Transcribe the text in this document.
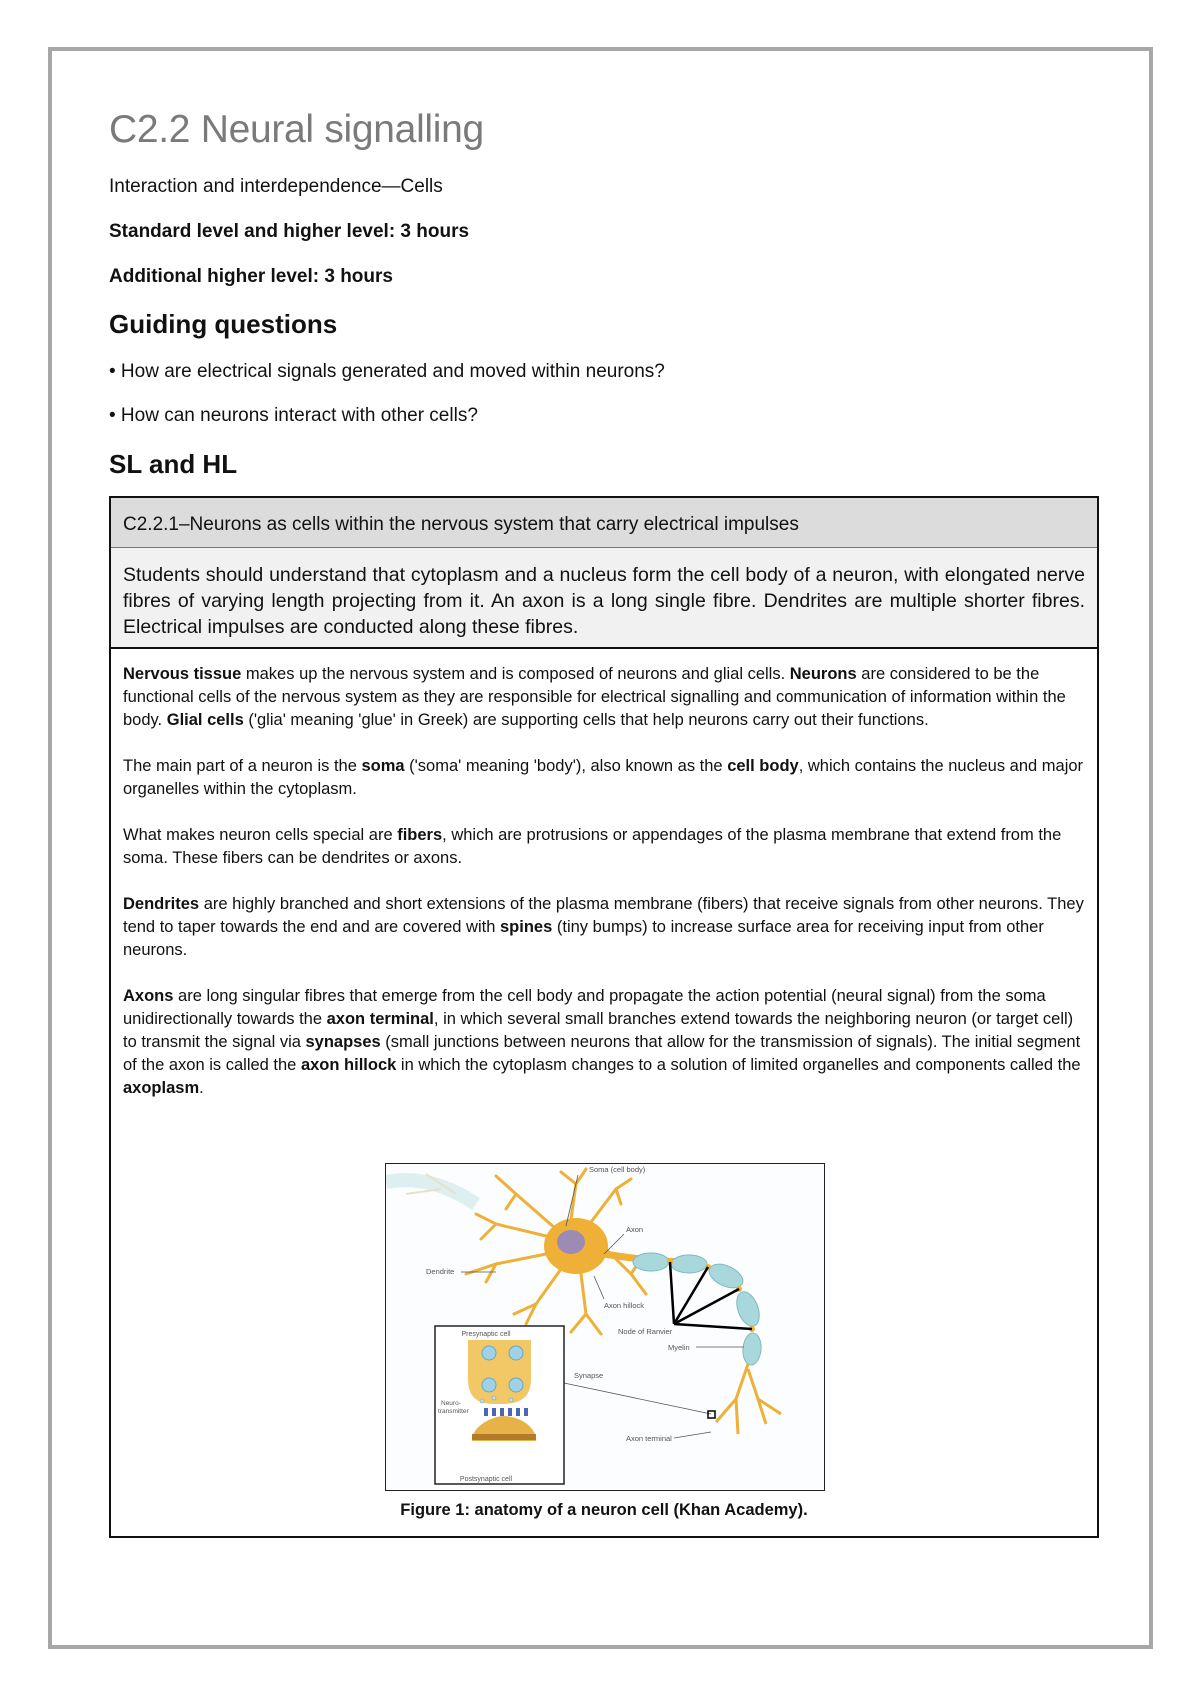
C2.2 Neural signalling
Interaction and interdependence—Cells
Standard level and higher level: 3 hours
Additional higher level: 3 hours
Guiding questions
• How are electrical signals generated and moved within neurons?
• How can neurons interact with other cells?
SL and HL
C2.2.1–Neurons as cells within the nervous system that carry electrical impulses
Students should understand that cytoplasm and a nucleus form the cell body of a neuron, with elongated nerve fibres of varying length projecting from it. An axon is a long single fibre. Dendrites are multiple shorter fibres. Electrical impulses are conducted along these fibres.

Nervous tissue makes up the nervous system and is composed of neurons and glial cells. Neurons are considered to be the functional cells of the nervous system as they are responsible for electrical signalling and communication of information within the body. Glial cells ('glia' meaning 'glue' in Greek) are supporting cells that help neurons carry out their functions.

The main part of a neuron is the soma ('soma' meaning 'body'), also known as the cell body, which contains the nucleus and major organelles within the cytoplasm.

What makes neuron cells special are fibers, which are protrusions or appendages of the plasma membrane that extend from the soma. These fibers can be dendrites or axons.

Dendrites are highly branched and short extensions of the plasma membrane (fibers) that receive signals from other neurons. They tend to taper towards the end and are covered with spines (tiny bumps) to increase surface area for receiving input from other neurons.

Axons are long singular fibres that emerge from the cell body and propagate the action potential (neural signal) from the soma unidirectionally towards the axon terminal, in which several small branches extend towards the neighboring neuron (or target cell) to transmit the signal via synapses (small junctions between neurons that allow for the transmission of signals). The initial segment of the axon is called the axon hillock in which the cytoplasm changes to a solution of limited organelles and components called the axoplasm.

Soma (cell body)
Axon
Dendrite
Axon hillock
Node of Ranvier
Myelin
Synapse
Axon terminal
Presynaptic cell
Neuro-
transmitter
Postsynaptic cell
Figure 1: anatomy of a neuron cell (Khan Academy).
